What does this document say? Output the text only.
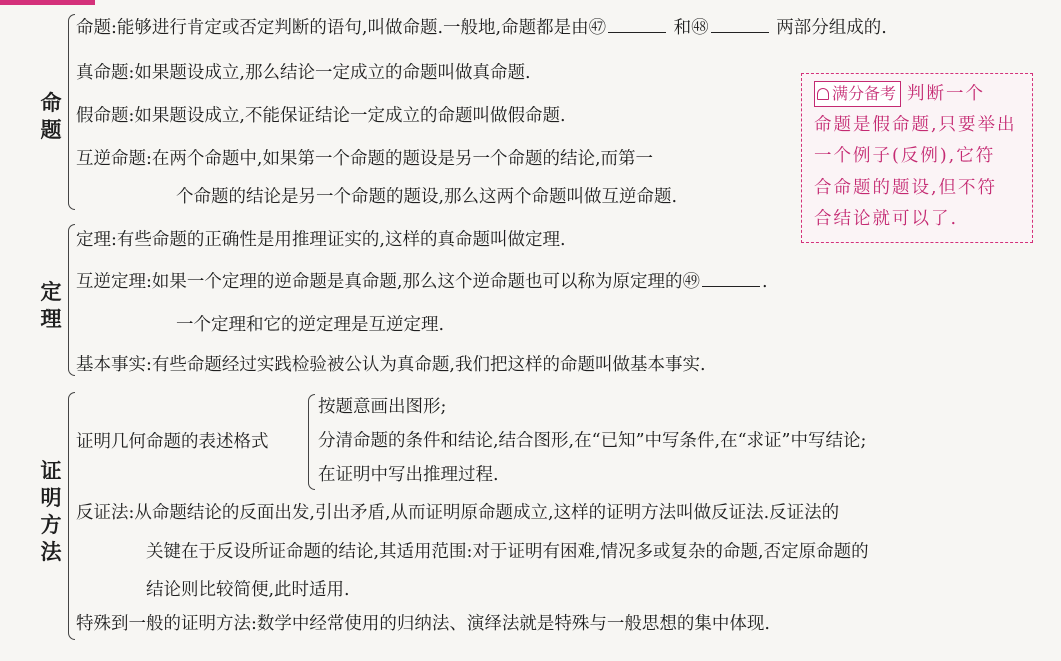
命
题
定
理
证
明
方
法
命题:能够进行肯定或否定判断的语句,叫做命题.一般地,命题都是由㊼	和㊽	两部分组成的.
真命题:如果题设成立,那么结论一定成立的命题叫做真命题.
假命题:如果题设成立,不能保证结论一定成立的命题叫做假命题.
互逆命题:在两个命题中,如果第一个命题的题设是另一个命题的结论,而第一
个命题的结论是另一个命题的题设,那么这两个命题叫做互逆命题.
满分备考 判断一个
命题是假命题,只要举出
一个例子(反例),它符
合命题的题设,但不符
合结论就可以了.
定理:有些命题的正确性是用推理证实的,这样的真命题叫做定理.
互逆定理:如果一个定理的逆命题是真命题,那么这个逆命题也可以称为原定理的㊾	.
一个定理和它的逆定理是互逆定理.
基本事实:有些命题经过实践检验被公认为真命题,我们把这样的命题叫做基本事实.
证明几何命题的表述格式
按题意画出图形;
分清命题的条件和结论,结合图形,在“已知”中写条件,在“求证”中写结论;
在证明中写出推理过程.
反证法:从命题结论的反面出发,引出矛盾,从而证明原命题成立,这样的证明方法叫做反证法.反证法的
关键在于反设所证命题的结论,其适用范围:对于证明有困难,情况多或复杂的命题,否定原命题的
结论则比较简便,此时适用.
特殊到一般的证明方法:数学中经常使用的归纳法、演绎法就是特殊与一般思想的集中体现.
